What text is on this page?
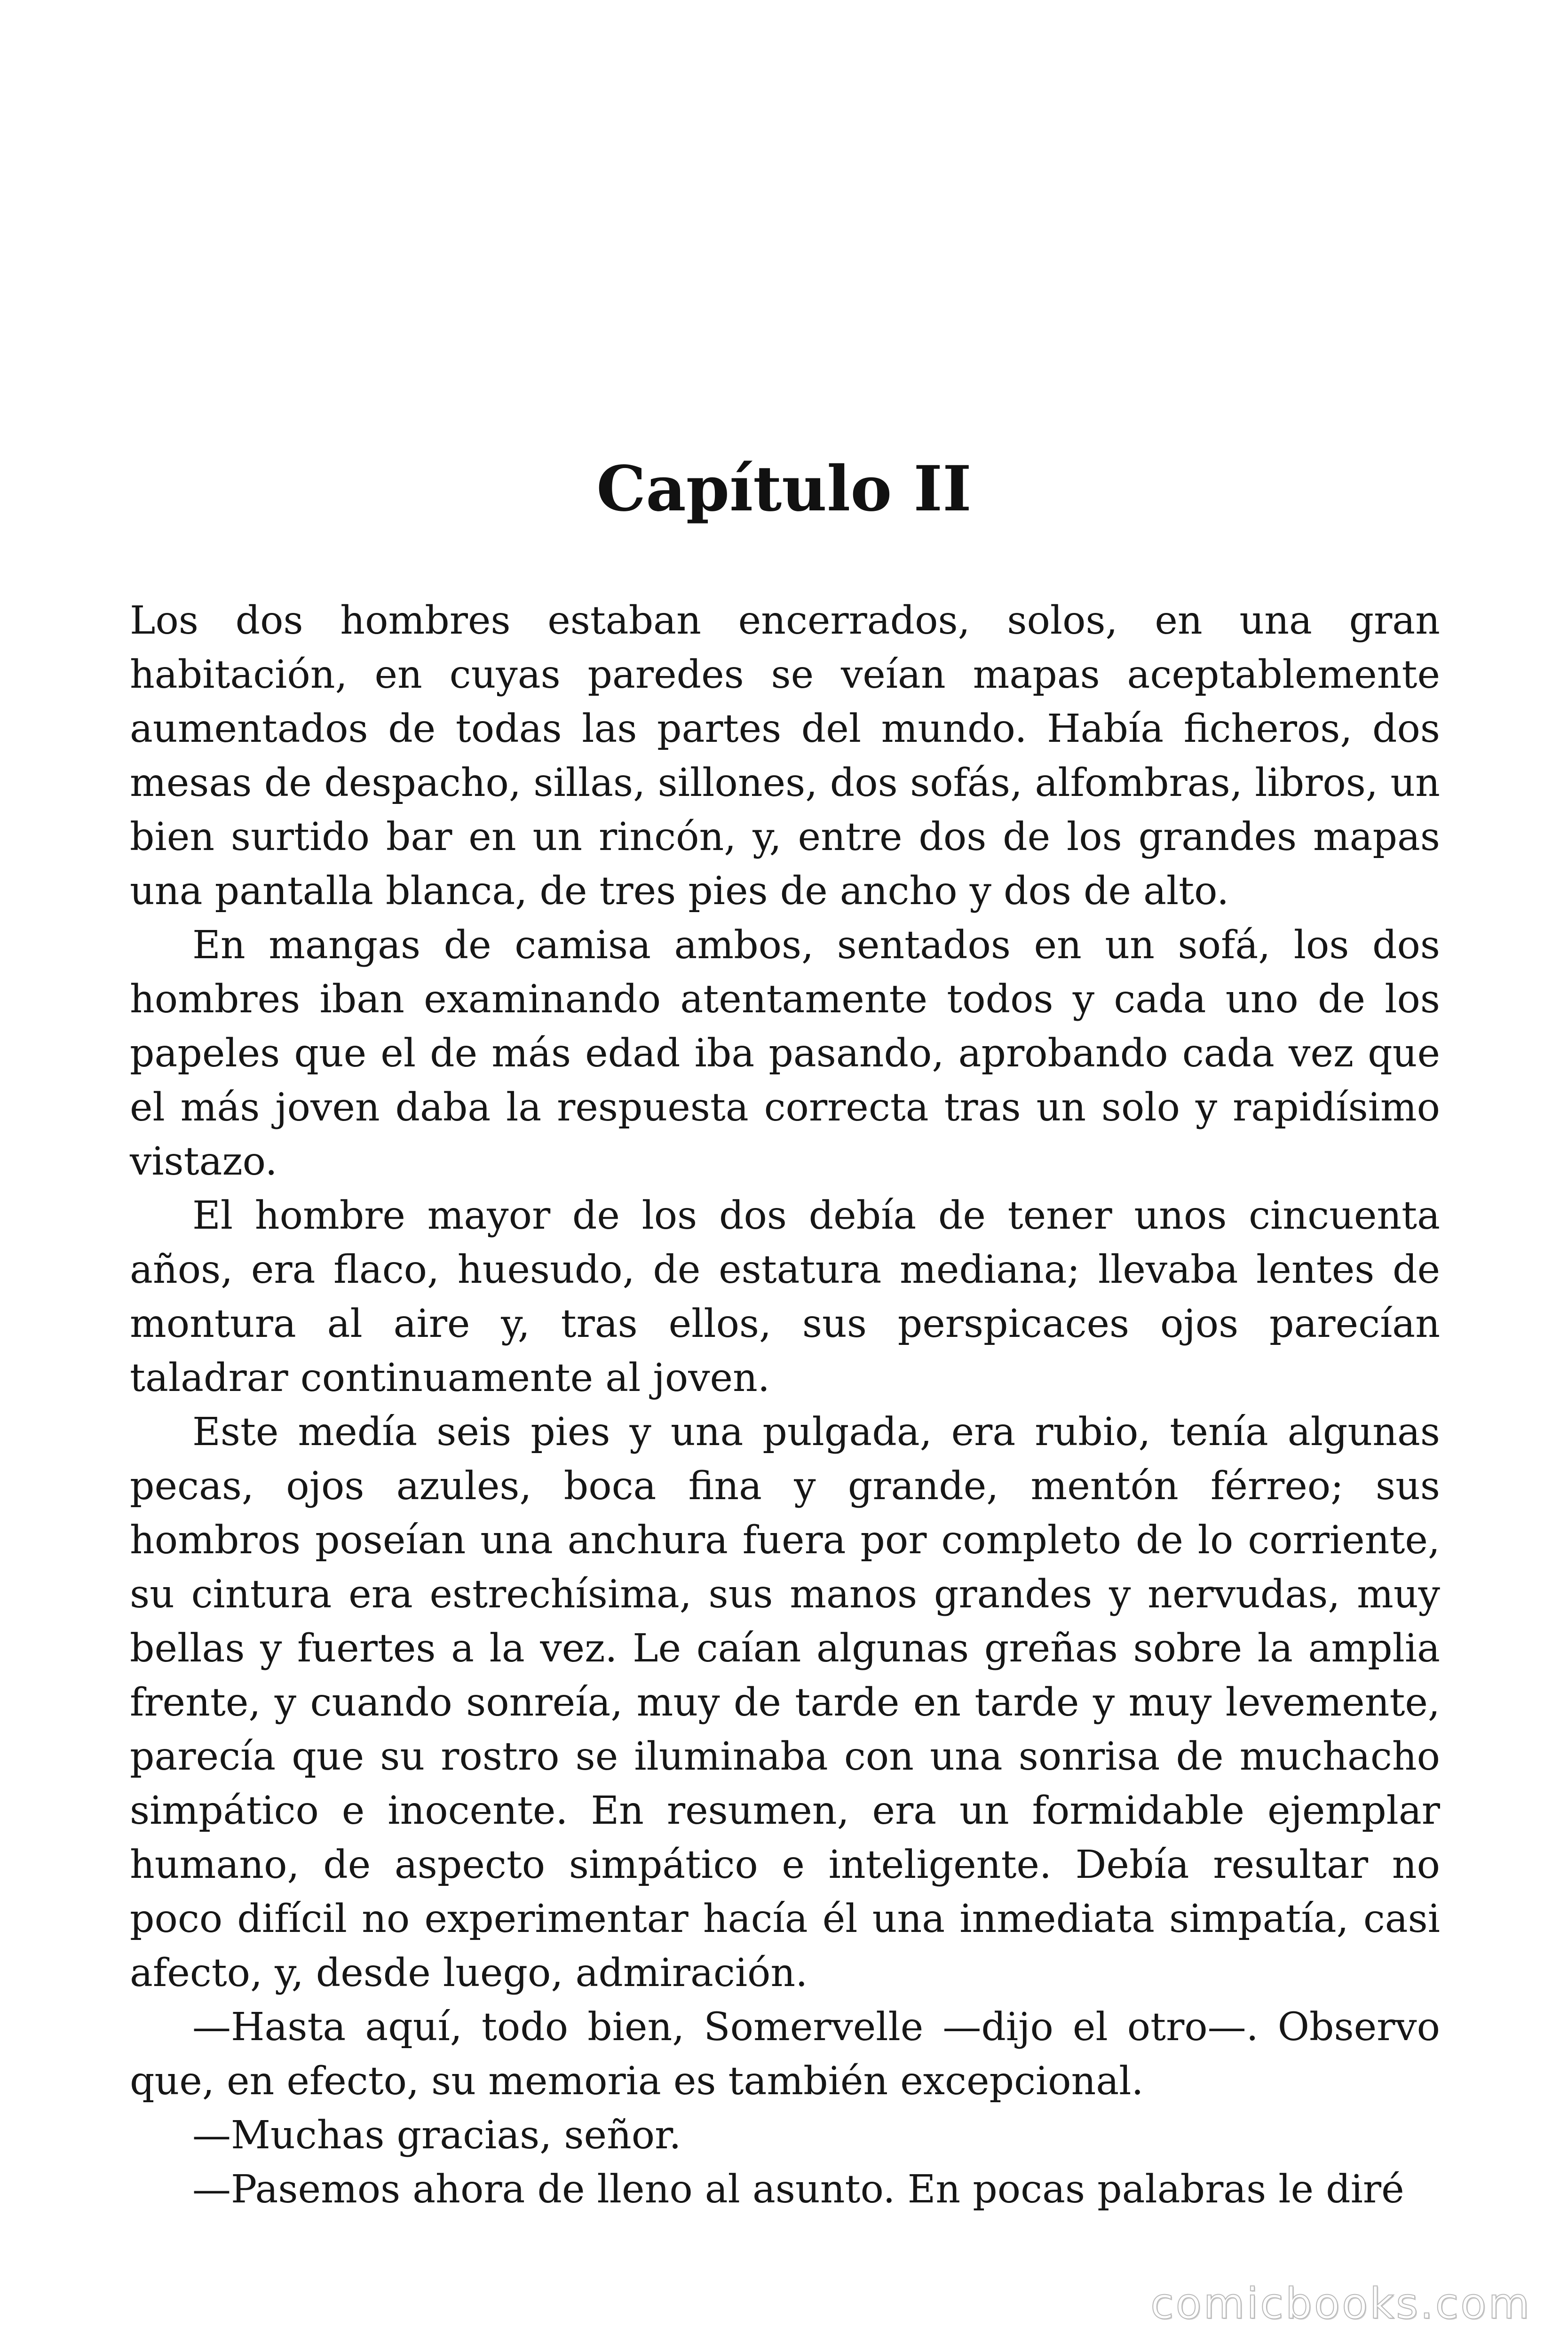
Capítulo II

Los dos hombres estaban encerrados, solos, en una gran habitación, en cuyas paredes se veían mapas aceptablemente aumentados de todas las partes del mundo. Había ficheros, dos mesas de despacho, sillas, sillones, dos sofás, alfombras, libros, un bien surtido bar en un rincón, y, entre dos de los grandes mapas una pantalla blanca, de tres pies de ancho y dos de alto.

En mangas de camisa ambos, sentados en un sofá, los dos hombres iban examinando atentamente todos y cada uno de los papeles que el de más edad iba pasando, aprobando cada vez que el más joven daba la respuesta correcta tras un solo y rapidísimo vistazo.

El hombre mayor de los dos debía de tener unos cincuenta años, era flaco, huesudo, de estatura mediana; llevaba lentes de montura al aire y, tras ellos, sus perspicaces ojos parecían taladrar continuamente al joven.

Este medía seis pies y una pulgada, era rubio, tenía algunas pecas, ojos azules, boca fina y grande, mentón férreo; sus hombros poseían una anchura fuera por completo de lo corriente, su cintura era estrechísima, sus manos grandes y nervudas, muy bellas y fuertes a la vez. Le caían algunas greñas sobre la amplia frente, y cuando sonreía, muy de tarde en tarde y muy levemente, parecía que su rostro se iluminaba con una sonrisa de muchacho simpático e inocente. En resumen, era un formidable ejemplar humano, de aspecto simpático e inteligente. Debía resultar no poco difícil no experimentar hacía él una inmediata simpatía, casi afecto, y, desde luego, admiración.

—Hasta aquí, todo bien, Somervelle —dijo el otro—. Observo que, en efecto, su memoria es también excepcional.

—Muchas gracias, señor.

—Pasemos ahora de lleno al asunto. En pocas palabras le diré

comicbooks.com
